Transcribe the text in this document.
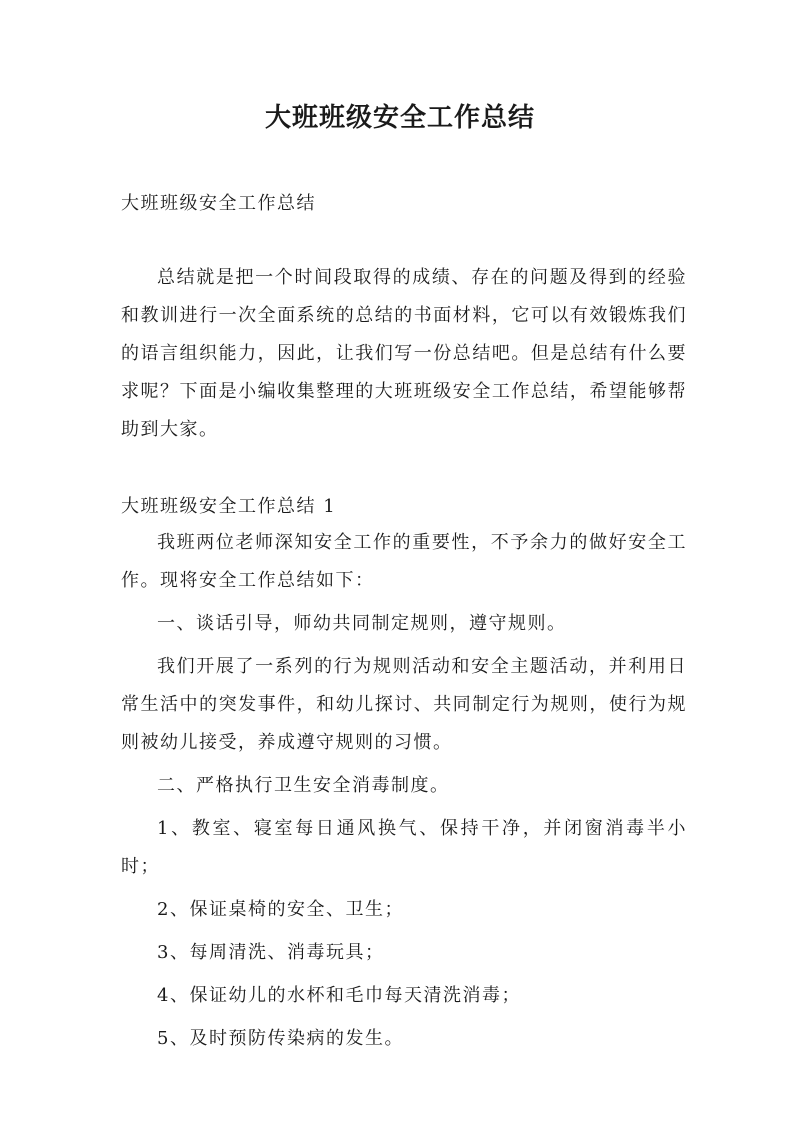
大班班级安全工作总结

大班班级安全工作总结

总结就是把一个时间段取得的成绩、存在的问题及得到的经验和教训进行一次全面系统的总结的书面材料，它可以有效锻炼我们的语言组织能力，因此，让我们写一份总结吧。但是总结有什么要求呢？下面是小编收集整理的大班班级安全工作总结，希望能够帮助到大家。

大班班级安全工作总结 1

我班两位老师深知安全工作的重要性，不予余力的做好安全工作。现将安全工作总结如下：

一、谈话引导，师幼共同制定规则，遵守规则。

我们开展了一系列的行为规则活动和安全主题活动，并利用日常生活中的突发事件，和幼儿探讨、共同制定行为规则，使行为规则被幼儿接受，养成遵守规则的习惯。

二、严格执行卫生安全消毒制度。

1、教室、寝室每日通风换气、保持干净，并闭窗消毒半小时；

2、保证桌椅的安全、卫生；

3、每周清洗、消毒玩具；

4、保证幼儿的水杯和毛巾每天清洗消毒；

5、及时预防传染病的发生。
